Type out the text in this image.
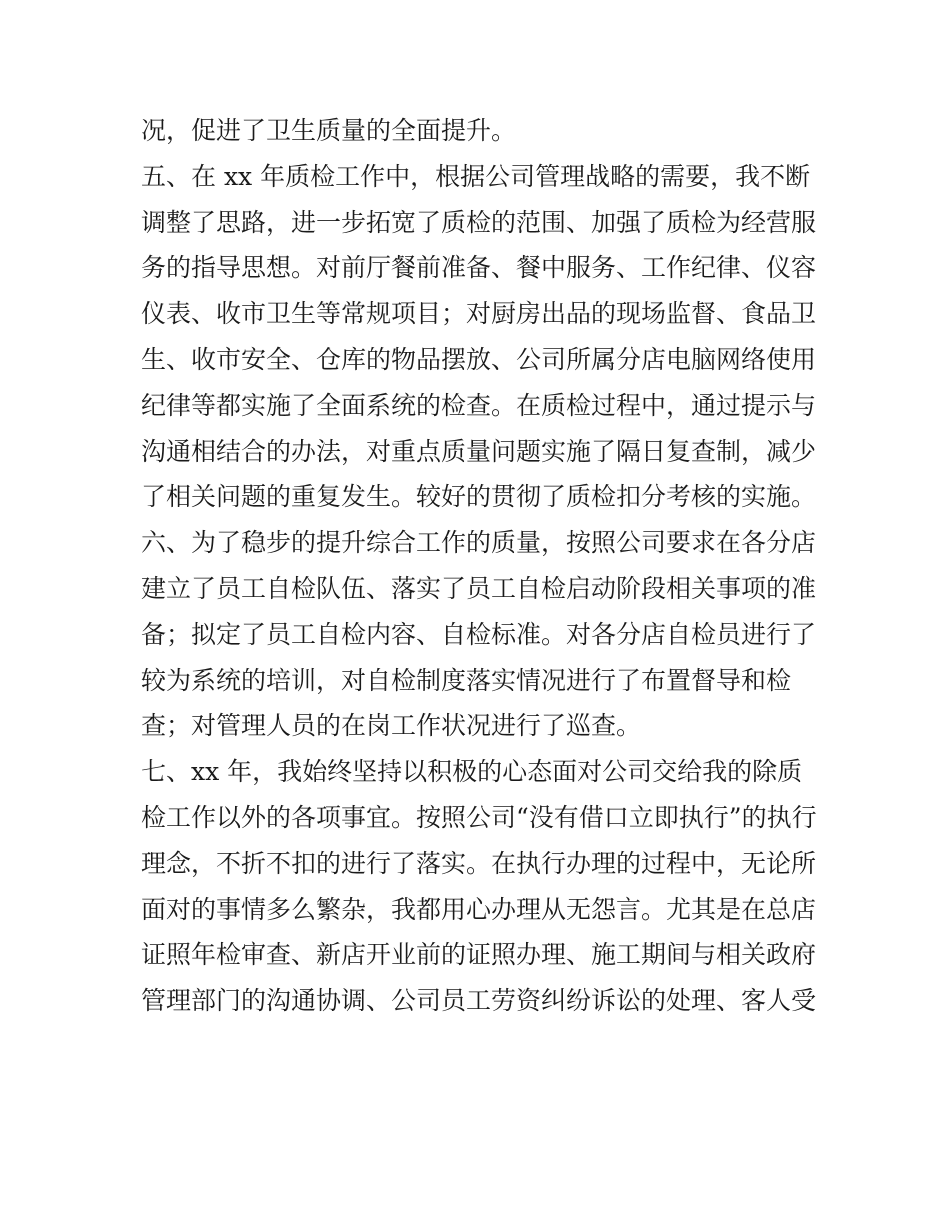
况，促进了卫生质量的全面提升。
五、在 xx 年质检工作中，根据公司管理战略的需要，我不断
调整了思路，进一步拓宽了质检的范围、加强了质检为经营服
务的指导思想。对前厅餐前准备、餐中服务、工作纪律、仪容
仪表、收市卫生等常规项目；对厨房出品的现场监督、食品卫
生、收市安全、仓库的物品摆放、公司所属分店电脑网络使用
纪律等都实施了全面系统的检查。在质检过程中，通过提示与
沟通相结合的办法，对重点质量问题实施了隔日复查制，减少
了相关问题的重复发生。较好的贯彻了质检扣分考核的实施。
六、为了稳步的提升综合工作的质量，按照公司要求在各分店
建立了员工自检队伍、落实了员工自检启动阶段相关事项的准
备；拟定了员工自检内容、自检标准。对各分店自检员进行了
较为系统的培训，对自检制度落实情况进行了布置督导和检
查；对管理人员的在岗工作状况进行了巡查。
七、xx 年，我始终坚持以积极的心态面对公司交给我的除质
检工作以外的各项事宜。按照公司“没有借口立即执行”的执行
理念，不折不扣的进行了落实。在执行办理的过程中，无论所
面对的事情多么繁杂，我都用心办理从无怨言。尤其是在总店
证照年检审查、新店开业前的证照办理、施工期间与相关政府
管理部门的沟通协调、公司员工劳资纠纷诉讼的处理、客人受
